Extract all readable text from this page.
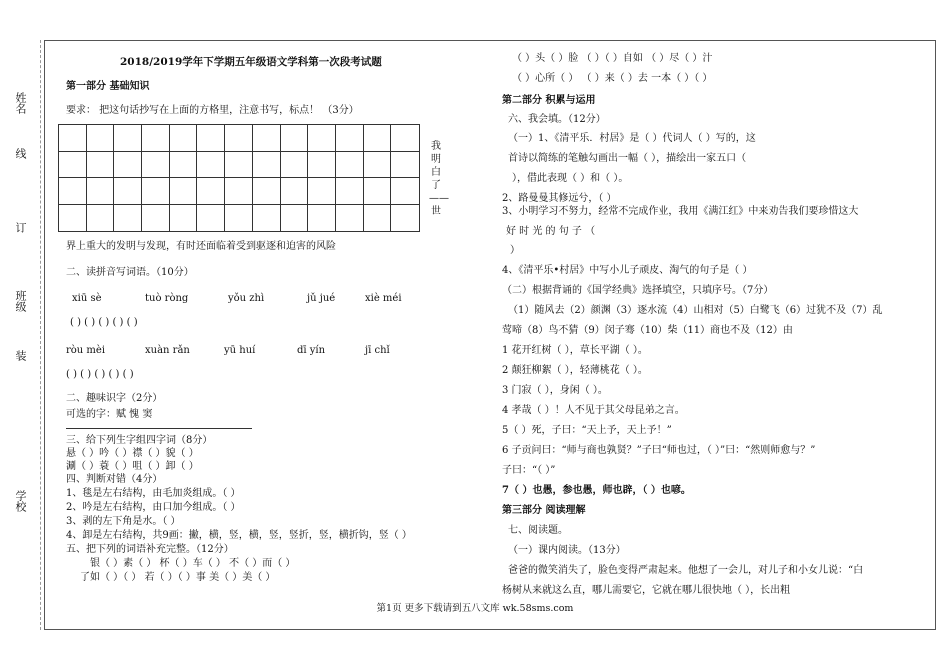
姓名
线
订
班级
装
学校
2018/2019学年下学期五年级语文学科第一次段考试题
第一部分 基础知识
要求： 把这句话抄写在上面的方格里，注意书写，标点！ （3分）
我明白了——世
界上重大的发明与发现，有时还面临着受到驱逐和迫害的风险
二、读拼音写词语。（10分）
xiū sè	tuò ròng	yǒu zhì	jǔ jué	xiè méi
( ) ( ) ( ) ( ) ( )
ròu mèi	xuàn rǎn	yū huí	dī yín	jī chǐ
( ) ( ) ( ) ( ) ( )
二、趣味识字（2分）
可选的字：赋 愧 窦
三、给下列生字组四字词（8分）
悬（ ）吟（ ）襟（ ）貌（ ）
涮（ ）蓑（ ）咀（ ）卸（ ）
四、判断对错（4分）
1、毯是左右结构，由毛加炎组成。（ ）
2、吟是左右结构，由口加今组成。（ ）
3、剥的左下角是水。（ ）
4、卸是左右结构，共9画：撇，横，竖，横，竖，竖折，竖，横折钩，竖（ ）
五、把下列的词语补充完整。（12分）
银（ ）素（ ） 杯（ ）车（ ） 不（ ）而（ ）
了如（ ）（ ） 若（ ）（ ）事 美（ ）美（ ）
（ ）头（ ）脸 （ ）（ ）自如 （ ）尽（ ）汁
（ ）心所（ ） （ ）来（ ）去 一本（ ）（ ）
第二部分 积累与运用
六、我会填。（12分）
（一）1、《清平乐．村居》是（ ）代词人（ ）写的，这
首诗以简练的笔触勾画出一幅（ ），描绘出一家五口（
），借此表现（ ）和（ ）。
2、路曼曼其修远兮，（ ）
3、小明学习不努力，经常不完成作业，我用《满江红》中来劝告我们要珍惜这大
好 时 光 的 句 子 （
）
4、《清平乐•村居》中写小儿子顽皮、淘气的句子是（ ）
（二）根据背诵的《国学经典》选择填空，只填序号。（7分）
（1）随风去（2）颜渊（3）逐水流（4）山相对（5）白鹭飞（6）过犹不及（7）乱
莺啼（8）鸟不猜（9）闵子骞（10）柴（11）商也不及（12）由
1 花开红树（ ），草长平湖（ ）。
2 颠狂柳絮（ ），轻薄桃花（ ）。
3 门寂（ ），身闲（ ）。
4 孝哉（ ）！人不见于其父母昆弟之言。
5（ ）死，子曰：“天上予，天上予！”
6 子贡问曰：“师与商也孰贤？”子曰“师也过，（ ）”曰：“然则师愈与？”
子曰：“（ ）”
7（ ）也愚，参也愚，师也辟，（ ）也喭。
第三部分 阅读理解
七、阅读题。
（一）课内阅读。（13分）
爸爸的微笑消失了，脸色变得严肃起来。他想了一会儿，对儿子和小女儿说：“白
杨树从来就这么直，哪儿需要它，它就在哪儿很快地（ ），长出粗
第1页 更多下载请到五八文库 wk.58sms.com
